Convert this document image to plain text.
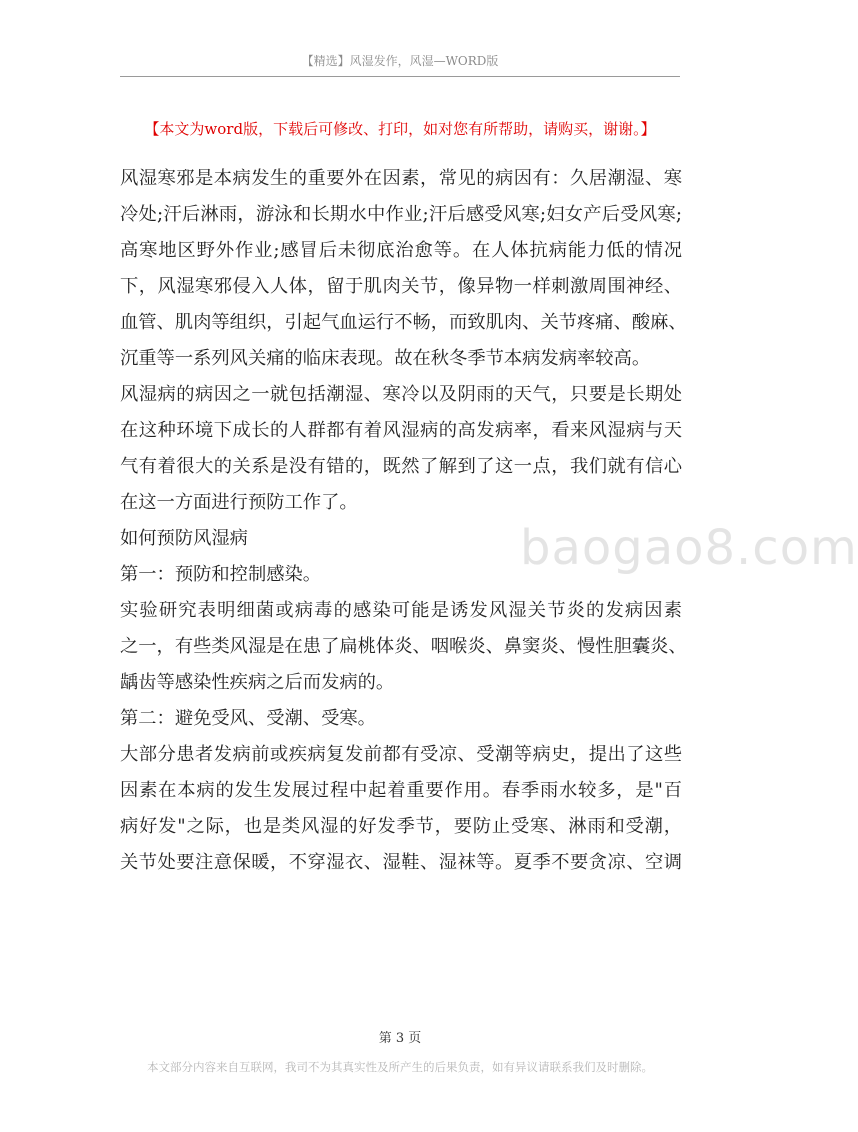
【精选】风湿发作，风湿—WORD版
【本文为word版，下载后可修改、打印，如对您有所帮助，请购买，谢谢。】
风湿寒邪是本病发生的重要外在因素，常见的病因有：久居潮湿、寒
冷处;汗后淋雨，游泳和长期水中作业;汗后感受风寒;妇女产后受风寒;
高寒地区野外作业;感冒后未彻底治愈等。在人体抗病能力低的情况
下，风湿寒邪侵入人体，留于肌肉关节，像异物一样刺激周围神经、
血管、肌肉等组织，引起气血运行不畅，而致肌肉、关节疼痛、酸麻、
沉重等一系列风关痛的临床表现。故在秋冬季节本病发病率较高。
风湿病的病因之一就包括潮湿、寒冷以及阴雨的天气，只要是长期处
在这种环境下成长的人群都有着风湿病的高发病率，看来风湿病与天
气有着很大的关系是没有错的，既然了解到了这一点，我们就有信心
在这一方面进行预防工作了。
如何预防风湿病
第一：预防和控制感染。
实验研究表明细菌或病毒的感染可能是诱发风湿关节炎的发病因素
之一，有些类风湿是在患了扁桃体炎、咽喉炎、鼻窦炎、慢性胆囊炎、
龋齿等感染性疾病之后而发病的。
第二：避免受风、受潮、受寒。
大部分患者发病前或疾病复发前都有受凉、受潮等病史，提出了这些
因素在本病的发生发展过程中起着重要作用。春季雨水较多，是"百
病好发"之际，也是类风湿的好发季节，要防止受寒、淋雨和受潮，
关节处要注意保暖，不穿湿衣、湿鞋、湿袜等。夏季不要贪凉、空调
baogao8.com
第 3 页
本文部分内容来自互联网，我司不为其真实性及所产生的后果负责，如有异议请联系我们及时删除。
